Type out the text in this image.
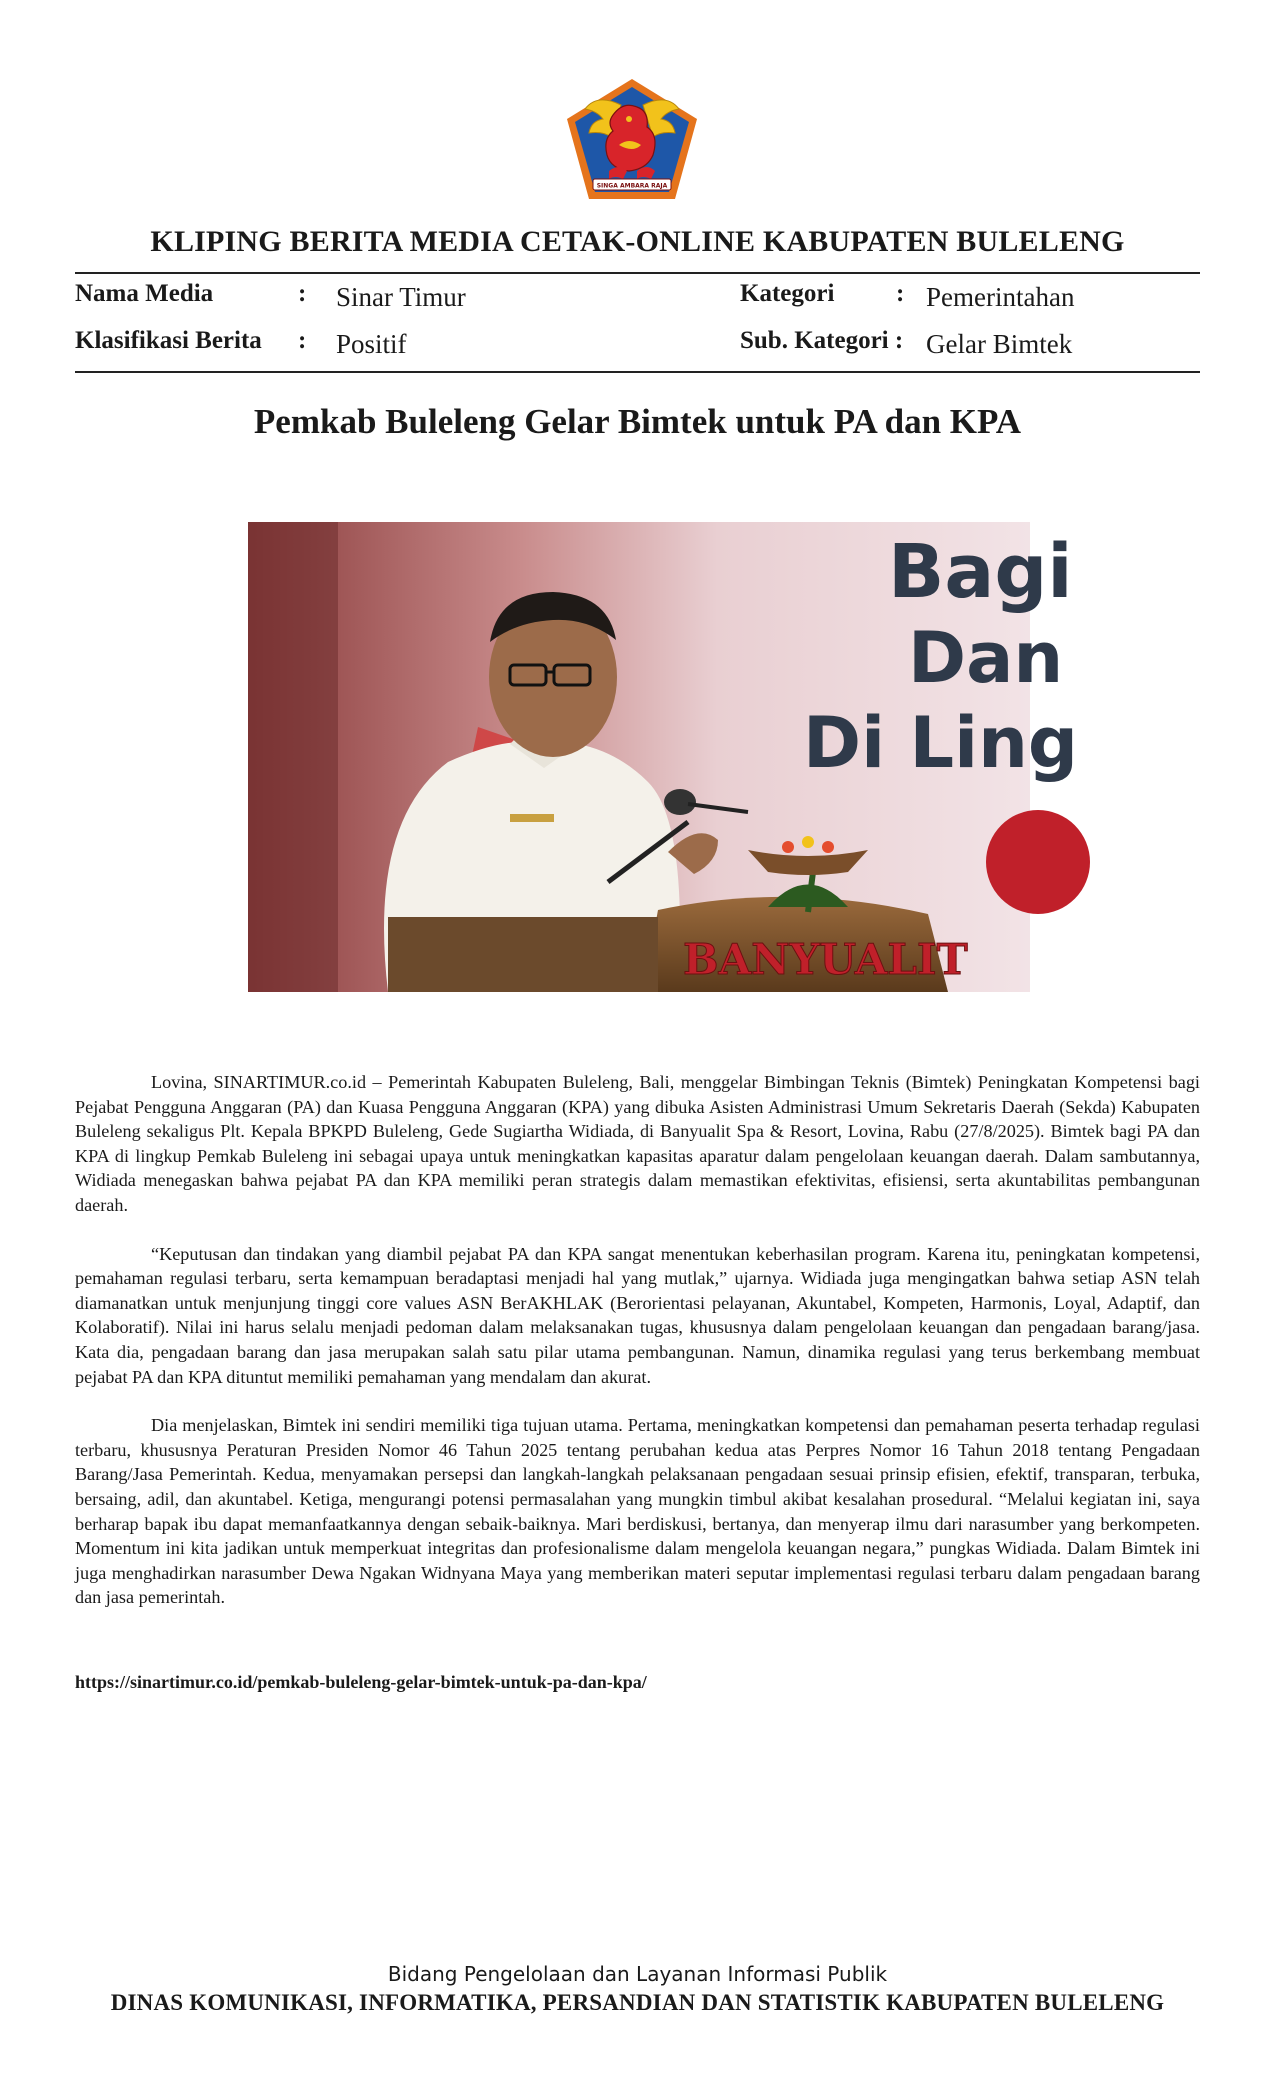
SINGA AMBARA RAJA
KLIPING BERITA MEDIA CETAK-ONLINE KABUPATEN BULELENG
Nama Media	: Sinar Timur
Klasifikasi Berita : Positif
Kategori : Pemerintahan
Sub. Kategori : Gelar Bimtek
Pemkab Buleleng Gelar Bimtek untuk PA dan KPA
Bagi
Dan
Di Ling
BANYUALIT

Lovina, SINARTIMUR.co.id – Pemerintah Kabupaten Buleleng, Bali, menggelar Bimbingan Teknis (Bimtek) Peningkatan Kompetensi bagi Pejabat Pengguna Anggaran (PA) dan Kuasa Pengguna Anggaran (KPA) yang dibuka Asisten Administrasi Umum Sekretaris Daerah (Sekda) Kabupaten Buleleng sekaligus Plt. Kepala BPKPD Buleleng, Gede Sugiartha Widiada, di Banyualit Spa & Resort, Lovina, Rabu (27/8/2025). Bimtek bagi PA dan KPA di lingkup Pemkab Buleleng ini sebagai upaya untuk meningkatkan kapasitas aparatur dalam pengelolaan keuangan daerah. Dalam sambutannya, Widiada menegaskan bahwa pejabat PA dan KPA memiliki peran strategis dalam memastikan efektivitas, efisiensi, serta akuntabilitas pembangunan daerah.

“Keputusan dan tindakan yang diambil pejabat PA dan KPA sangat menentukan keberhasilan program. Karena itu, peningkatan kompetensi, pemahaman regulasi terbaru, serta kemampuan beradaptasi menjadi hal yang mutlak,” ujarnya. Widiada juga mengingatkan bahwa setiap ASN telah diamanatkan untuk menjunjung tinggi core values ASN BerAKHLAK (Berorientasi pelayanan, Akuntabel, Kompeten, Harmonis, Loyal, Adaptif, dan Kolaboratif). Nilai ini harus selalu menjadi pedoman dalam melaksanakan tugas, khususnya dalam pengelolaan keuangan dan pengadaan barang/jasa. Kata dia, pengadaan barang dan jasa merupakan salah satu pilar utama pembangunan. Namun, dinamika regulasi yang terus berkembang membuat pejabat PA dan KPA dituntut memiliki pemahaman yang mendalam dan akurat.

Dia menjelaskan, Bimtek ini sendiri memiliki tiga tujuan utama. Pertama, meningkatkan kompetensi dan pemahaman peserta terhadap regulasi terbaru, khususnya Peraturan Presiden Nomor 46 Tahun 2025 tentang perubahan kedua atas Perpres Nomor 16 Tahun 2018 tentang Pengadaan Barang/Jasa Pemerintah. Kedua, menyamakan persepsi dan langkah-langkah pelaksanaan pengadaan sesuai prinsip efisien, efektif, transparan, terbuka, bersaing, adil, dan akuntabel. Ketiga, mengurangi potensi permasalahan yang mungkin timbul akibat kesalahan prosedural. “Melalui kegiatan ini, saya berharap bapak ibu dapat memanfaatkannya dengan sebaik-baiknya. Mari berdiskusi, bertanya, dan menyerap ilmu dari narasumber yang berkompeten. Momentum ini kita jadikan untuk memperkuat integritas dan profesionalisme dalam mengelola keuangan negara,” pungkas Widiada. Dalam Bimtek ini juga menghadirkan narasumber Dewa Ngakan Widnyana Maya yang memberikan materi seputar implementasi regulasi terbaru dalam pengadaan barang dan jasa pemerintah.

https://sinartimur.co.id/pemkab-buleleng-gelar-bimtek-untuk-pa-dan-kpa/
Bidang Pengelolaan dan Layanan Informasi Publik
DINAS KOMUNIKASI, INFORMATIKA, PERSANDIAN DAN STATISTIK KABUPATEN BULELENG
